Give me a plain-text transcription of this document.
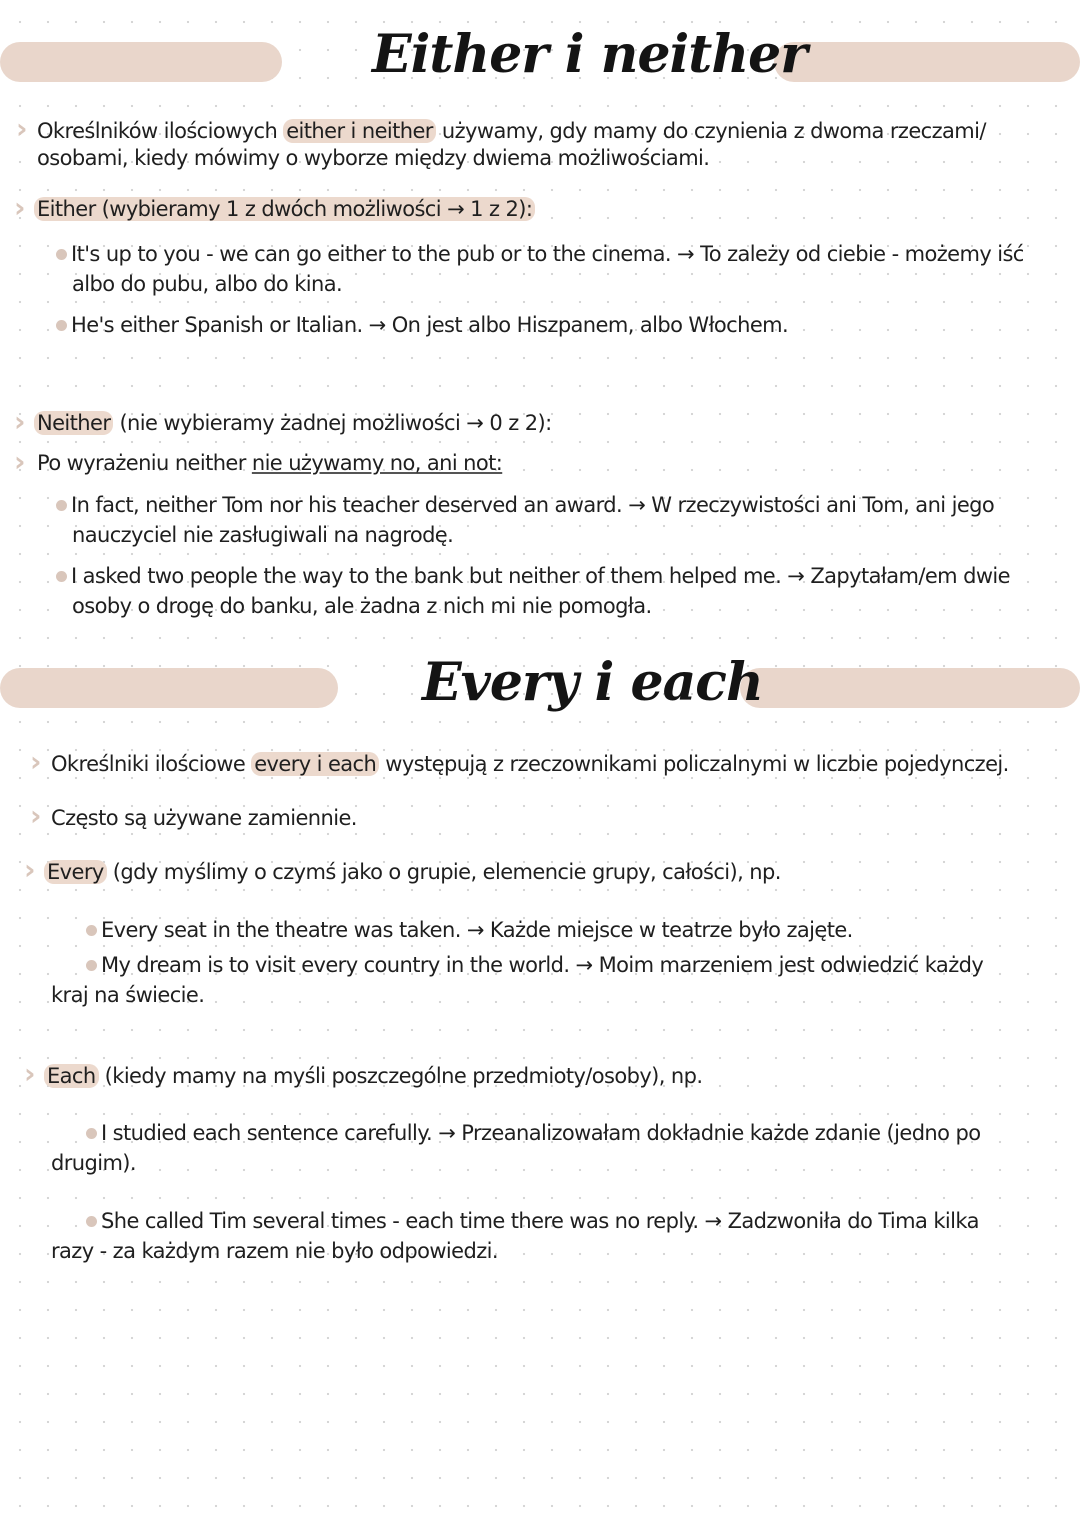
Either i neither
› Określników ilościowych either i neither używamy, gdy mamy do czynienia z dwoma rzeczami/
osobami, kiedy mówimy o wyborze między dwiema możliwościami.
› Either (wybieramy 1 z dwóch możliwości → 1 z 2):
It's up to you - we can go either to the pub or to the cinema. → To zależy od ciebie - możemy iść
albo do pubu, albo do kina.
He's either Spanish or Italian. → On jest albo Hiszpanem, albo Włochem.
› Neither (nie wybieramy żadnej możliwości → 0 z 2):
› Po wyrażeniu neither nie używamy no, ani not:
In fact, neither Tom nor his teacher deserved an award. → W rzeczywistości ani Tom, ani jego
nauczyciel nie zasługiwali na nagrodę.
I asked two people the way to the bank but neither of them helped me. → Zapytałam/em dwie
osoby o drogę do banku, ale żadna z nich mi nie pomogła.
Every i each
› Określniki ilościowe every i each występują z rzeczownikami policzalnymi w liczbie pojedynczej.
› Często są używane zamiennie.
› Every (gdy myślimy o czymś jako o grupie, elemencie grupy, całości), np.
Every seat in the theatre was taken. → Każde miejsce w teatrze było zajęte.
My dream is to visit every country in the world. → Moim marzeniem jest odwiedzić każdy
kraj na świecie.
› Each (kiedy mamy na myśli poszczególne przedmioty/osoby), np.
I studied each sentence carefully. → Przeanalizowałam dokładnie każde zdanie (jedno po
drugim).
She called Tim several times - each time there was no reply. → Zadzwoniła do Tima kilka
razy - za każdym razem nie było odpowiedzi.
